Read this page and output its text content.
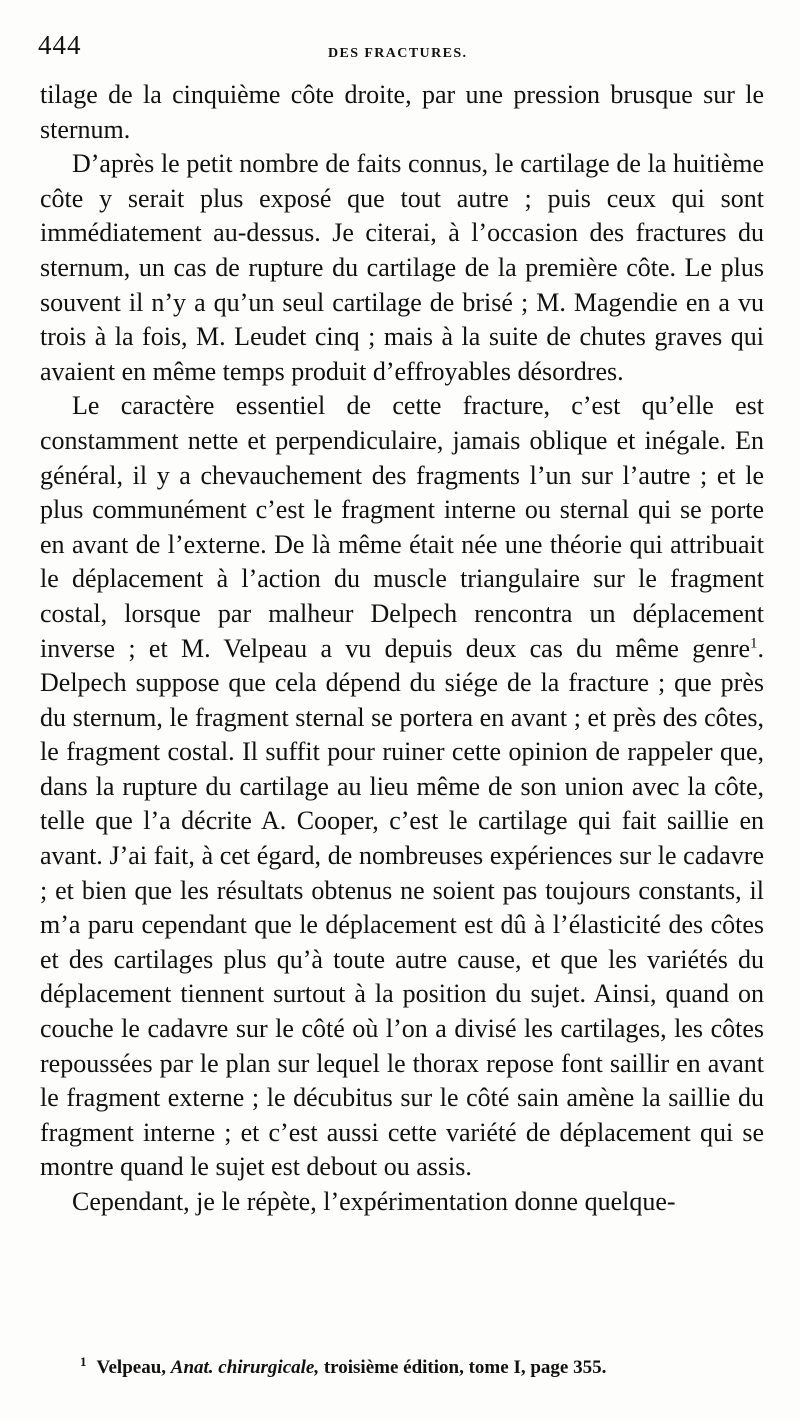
444	DES FRACTURES.

tilage de la cinquième côte droite, par une pression brusque sur le sternum.

D’après le petit nombre de faits connus, le cartilage de la huitième côte y serait plus exposé que tout autre ; puis ceux qui sont immédiatement au-dessus. Je citerai, à l’occasion des fractures du sternum, un cas de rupture du cartilage de la première côte. Le plus souvent il n’y a qu’un seul cartilage de brisé ; M. Magendie en a vu trois à la fois, M. Leudet cinq ; mais à la suite de chutes graves qui avaient en même temps produit d’effroyables désordres.

Le caractère essentiel de cette fracture, c’est qu’elle est constamment nette et perpendiculaire, jamais oblique et inégale. En général, il y a chevauchement des fragments l’un sur l’autre ; et le plus communément c’est le fragment interne ou sternal qui se porte en avant de l’externe. De là même était née une théorie qui attribuait le déplacement à l’action du muscle triangulaire sur le fragment costal, lorsque par malheur Delpech rencontra un déplacement inverse ; et M. Velpeau a vu depuis deux cas du même genre$^1$. Delpech suppose que cela dépend du siége de la fracture ; que près du sternum, le fragment sternal se portera en avant ; et près des côtes, le fragment costal. Il suffit pour ruiner cette opinion de rappeler que, dans la rupture du cartilage au lieu même de son union avec la côte, telle que l’a décrite A. Cooper, c’est le cartilage qui fait saillie en avant. J’ai fait, à cet égard, de nombreuses expériences sur le cadavre ; et bien que les résultats obtenus ne soient pas toujours constants, il m’a paru cependant que le déplacement est dû à l’élasticité des côtes et des cartilages plus qu’à toute autre cause, et que les variétés du déplacement tiennent surtout à la position du sujet. Ainsi, quand on couche le cadavre sur le côté où l’on a divisé les cartilages, les côtes repoussées par le plan sur lequel le thorax repose font saillir en avant le fragment externe ; le décubitus sur le côté sain amène la saillie du fragment interne ; et c’est aussi cette variété de déplacement qui se montre quand le sujet est debout ou assis.

Cependant, je le répète, l’expérimentation donne quelque-

$^1$ Velpeau, Anat. chirurgicale, troisième édition, tome I, page 355.
